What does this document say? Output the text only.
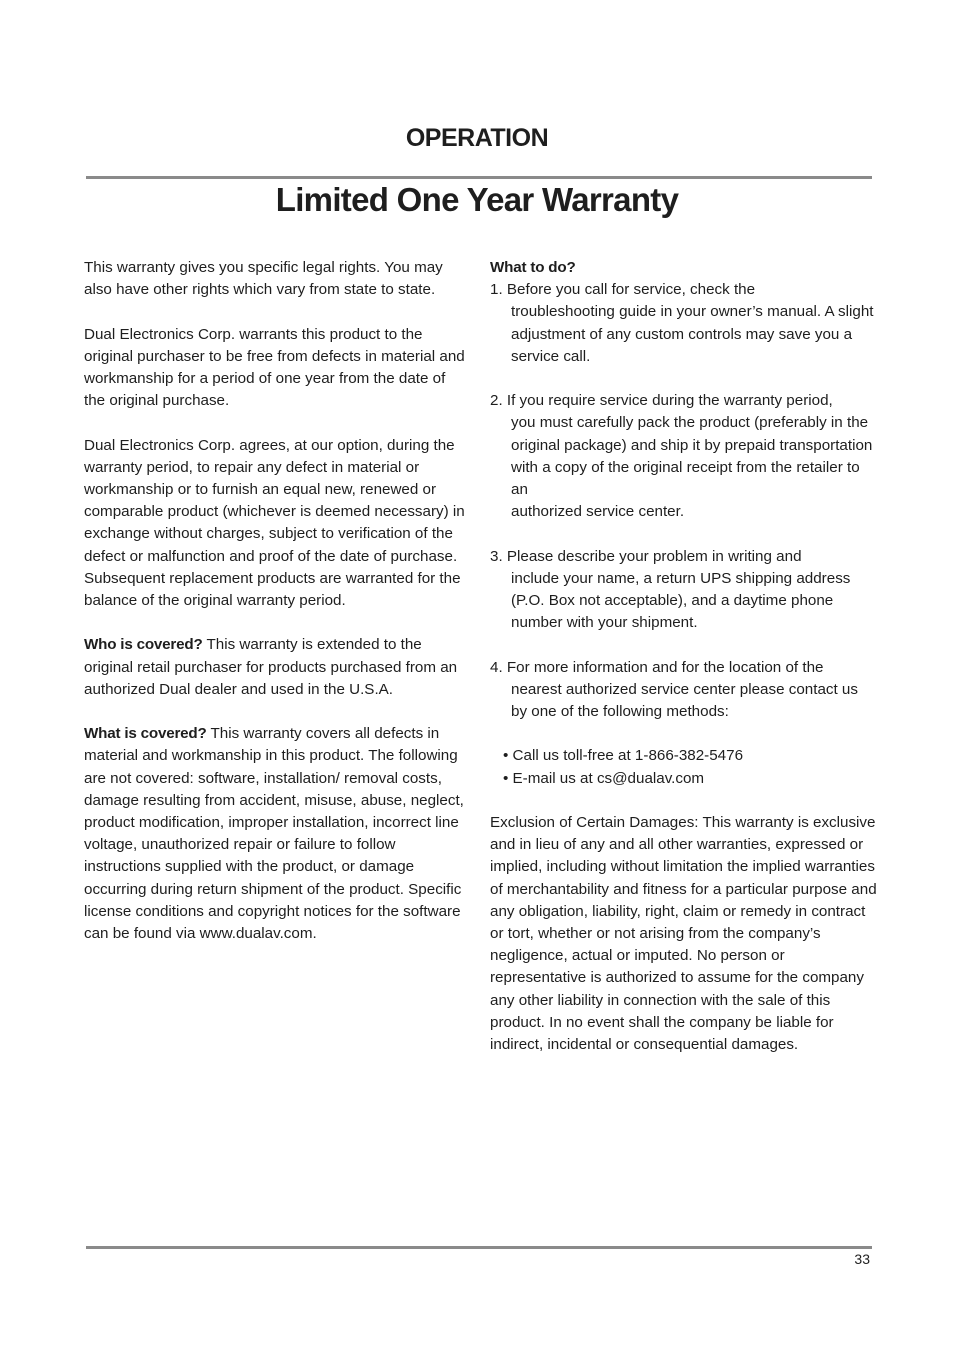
OPERATION
Limited One Year Warranty

This warranty gives you specific legal rights. You may also have other rights which vary from state to state.

Dual Electronics Corp. warrants this product to the original purchaser to be free from defects in material and workmanship for a period of one year from the date of the original purchase.

Dual Electronics Corp. agrees, at our option, during the warranty period, to repair any defect in material or workmanship or to furnish an equal new, renewed or comparable product (whichever is deemed necessary) in exchange without charges, subject to verification of the defect or malfunction and proof of the date of purchase. Subsequent replacement products are warranted for the balance of the original warranty period.

Who is covered? This warranty is extended to the original retail purchaser for products purchased from an authorized Dual dealer and used in the U.S.A.

What is covered? This warranty covers all defects in material and workmanship in this product. The following are not covered: software, installation/ removal costs, damage resulting from accident, misuse, abuse, neglect, product modification, improper installation, incorrect line voltage, unauthorized repair or failure to follow instructions supplied with the product, or damage occurring during return shipment of the product. Specific license conditions and copyright notices for the software can be found via www.dualav.com.

What to do?

1. Before you call for service, check the
troubleshooting guide in your owner’s manual. A slight adjustment of any custom controls may save you a service call.
2. If you require service during the warranty period,
you must carefully pack the product (preferably in the original package) and ship it by prepaid transportation with a copy of the original receipt from the retailer to an
authorized service center.
3. Please describe your problem in writing and
include your name, a return UPS shipping address (P.O. Box not acceptable), and a daytime phone number with your shipment.
4. For more information and for the location of the
nearest authorized service center please contact us by one of the following methods:
• Call us toll-free at 1-866-382-5476
• E-mail us at cs@dualav.com

Exclusion of Certain Damages: This warranty is exclusive and in lieu of any and all other warranties, expressed or implied, including without limitation the implied warranties of merchantability and fitness for a particular purpose and any obligation, liability, right, claim or remedy in contract or tort, whether or not arising from the company’s negligence, actual or imputed. No person or representative is authorized to assume for the company any other liability in connection with the sale of this product. In no event shall the company be liable for indirect, incidental or consequential damages.

33
